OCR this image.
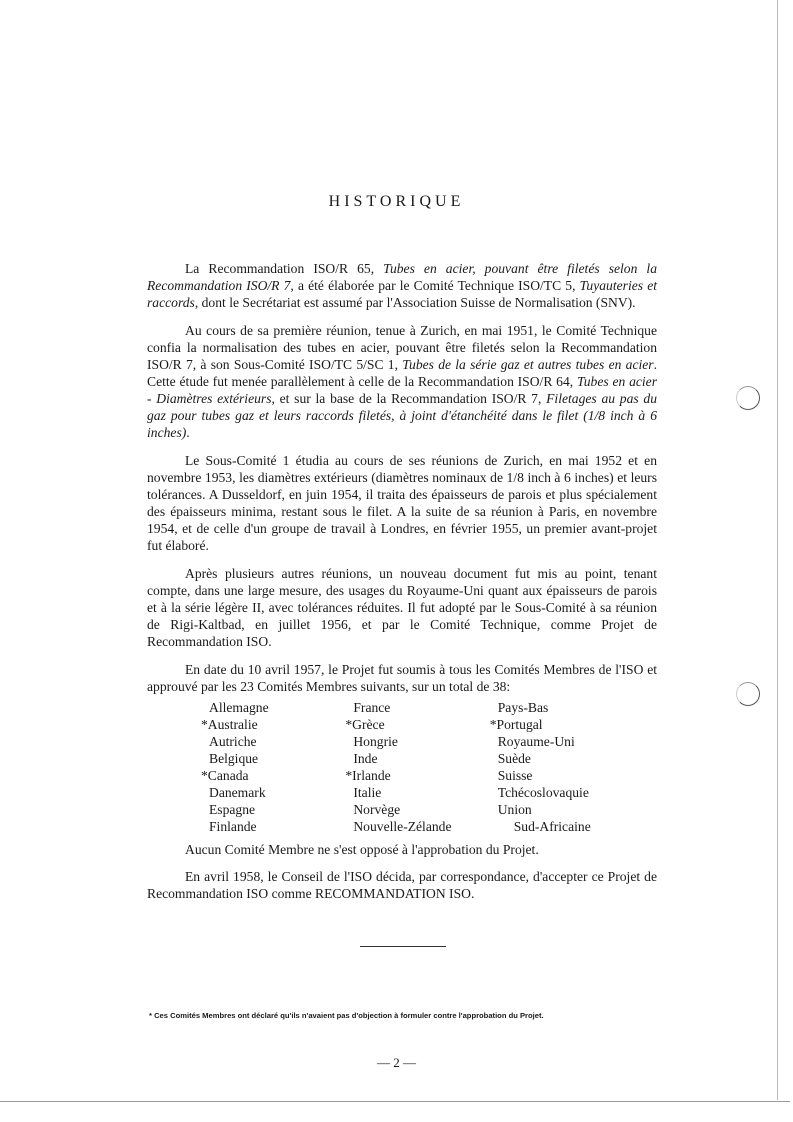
HISTORIQUE

La Recommandation ISO/R 65, Tubes en acier, pouvant être filetés selon la Recommandation ISO/R 7, a été élaborée par le Comité Technique ISO/TC 5, Tuyauteries et raccords, dont le Secrétariat est assumé par l'Association Suisse de Normalisation (SNV).

Au cours de sa première réunion, tenue à Zurich, en mai 1951, le Comité Technique confia la normalisation des tubes en acier, pouvant être filetés selon la Recommandation ISO/R 7, à son Sous-Comité ISO/TC 5/SC 1, Tubes de la série gaz et autres tubes en acier. Cette étude fut menée parallèlement à celle de la Recommandation ISO/R 64, Tubes en acier - Diamètres extérieurs, et sur la base de la Recommandation ISO/R 7, Filetages au pas du gaz pour tubes gaz et leurs raccords filetés, à joint d'étanchéité dans le filet (1/8 inch à 6 inches).

Le Sous-Comité 1 étudia au cours de ses réunions de Zurich, en mai 1952 et en novembre 1953, les diamètres extérieurs (diamètres nominaux de 1/8 inch à 6 inches) et leurs tolérances. A Dusseldorf, en juin 1954, il traita des épaisseurs de parois et plus spécialement des épaisseurs minima, restant sous le filet. A la suite de sa réunion à Paris, en novembre 1954, et de celle d'un groupe de travail à Londres, en février 1955, un premier avant-projet fut élaboré.

Après plusieurs autres réunions, un nouveau document fut mis au point, tenant compte, dans une large mesure, des usages du Royaume-Uni quant aux épaisseurs de parois et à la série légère II, avec tolérances réduites. Il fut adopté par le Sous-Comité à sa réunion de Rigi-Kaltbad, en juillet 1956, et par le Comité Technique, comme Projet de Recommandation ISO.

En date du 10 avril 1957, le Projet fut soumis à tous les Comités Membres de l'ISO et approuvé par les 23 Comités Membres suivants, sur un total de 38:

Allemagne
*Australie
Autriche
Belgique
*Canada
Danemark
Espagne
Finlande
France
*Grèce
Hongrie
Inde
*Irlande
Italie
Norvège
Nouvelle-Zélande
Pays-Bas
*Portugal
Royaume-Uni
Suède
Suisse
Tchécoslovaquie
Union
Sud-Africaine

Aucun Comité Membre ne s'est opposé à l'approbation du Projet.

En avril 1958, le Conseil de l'ISO décida, par correspondance, d'accepter ce Projet de Recommandation ISO comme RECOMMANDATION ISO.

* Ces Comités Membres ont déclaré qu'ils n'avaient pas d'objection à formuler contre l'approbation du Projet.
— 2 —
